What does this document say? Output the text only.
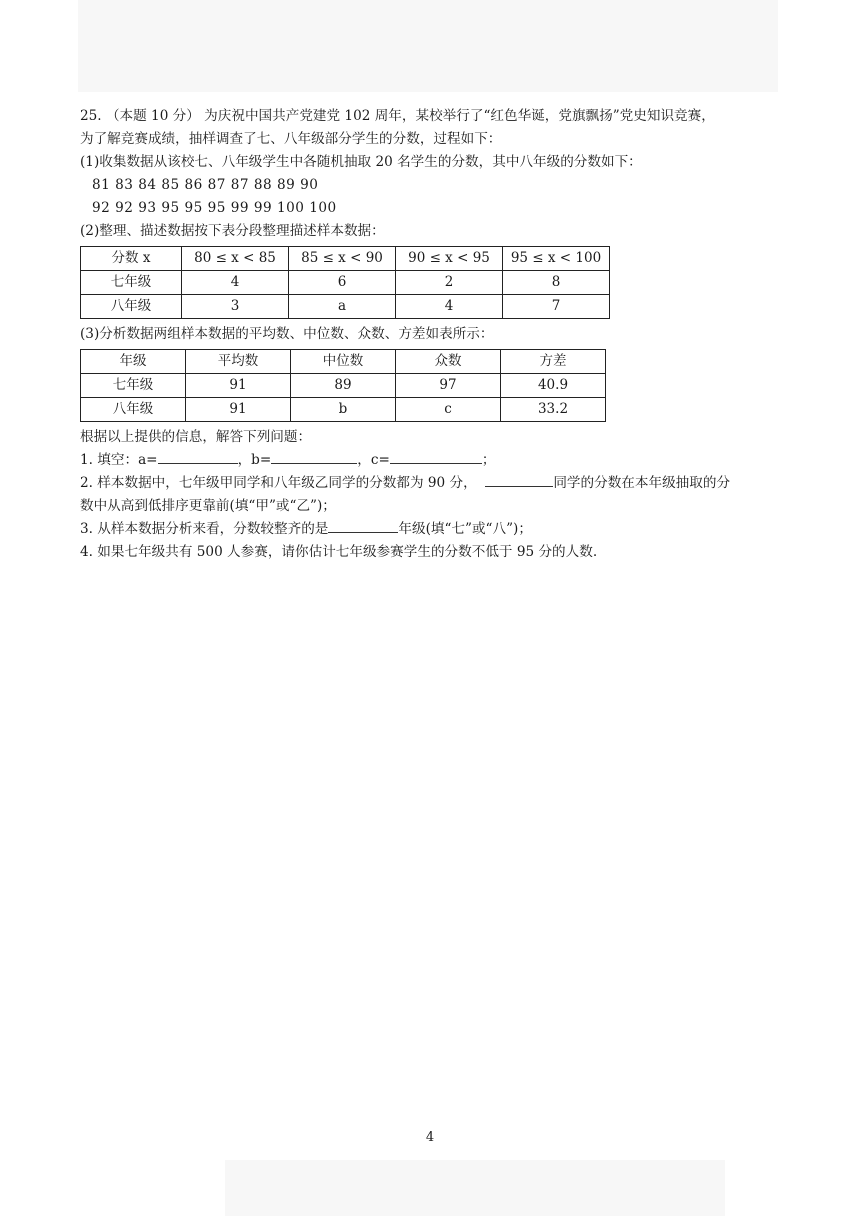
25. （本题 10 分） 为庆祝中国共产党建党 102 周年，某校举行了“红色华诞，党旗飘扬”党史知识竞赛，
为了解竞赛成绩，抽样调查了七、八年级部分学生的分数，过程如下：
(1)收集数据从该校七、八年级学生中各随机抽取 20 名学生的分数，其中八年级的分数如下：
81 83 84 85 86 87 87 88 89 90
92 92 93 95 95 95 99 99 100 100
(2)整理、描述数据按下表分段整理描述样本数据：
分数 x	80 ≤ x < 85	85 ≤ x < 90	90 ≤ x < 95	95 ≤ x < 100
七年级	4	6	2	8
八年级	3	a	4	7
(3)分析数据两组样本数据的平均数、中位数、众数、方差如表所示：
年级	平均数	中位数	众数	方差
七年级	91	89	97	40.9
八年级	91	b	c	33.2
根据以上提供的信息，解答下列问题：
1. 填空：a=	，b=	，c=	；
2. 样本数据中，七年级甲同学和八年级乙同学的分数都为 90 分，	同学的分数在本年级抽取的分
数中从高到低排序更靠前(填“甲”或“乙”)；
3. 从样本数据分析来看，分数较整齐的是	年级(填“七”或“八”)；
4. 如果七年级共有 500 人参赛，请你估计七年级参赛学生的分数不低于 95 分的人数.
4
